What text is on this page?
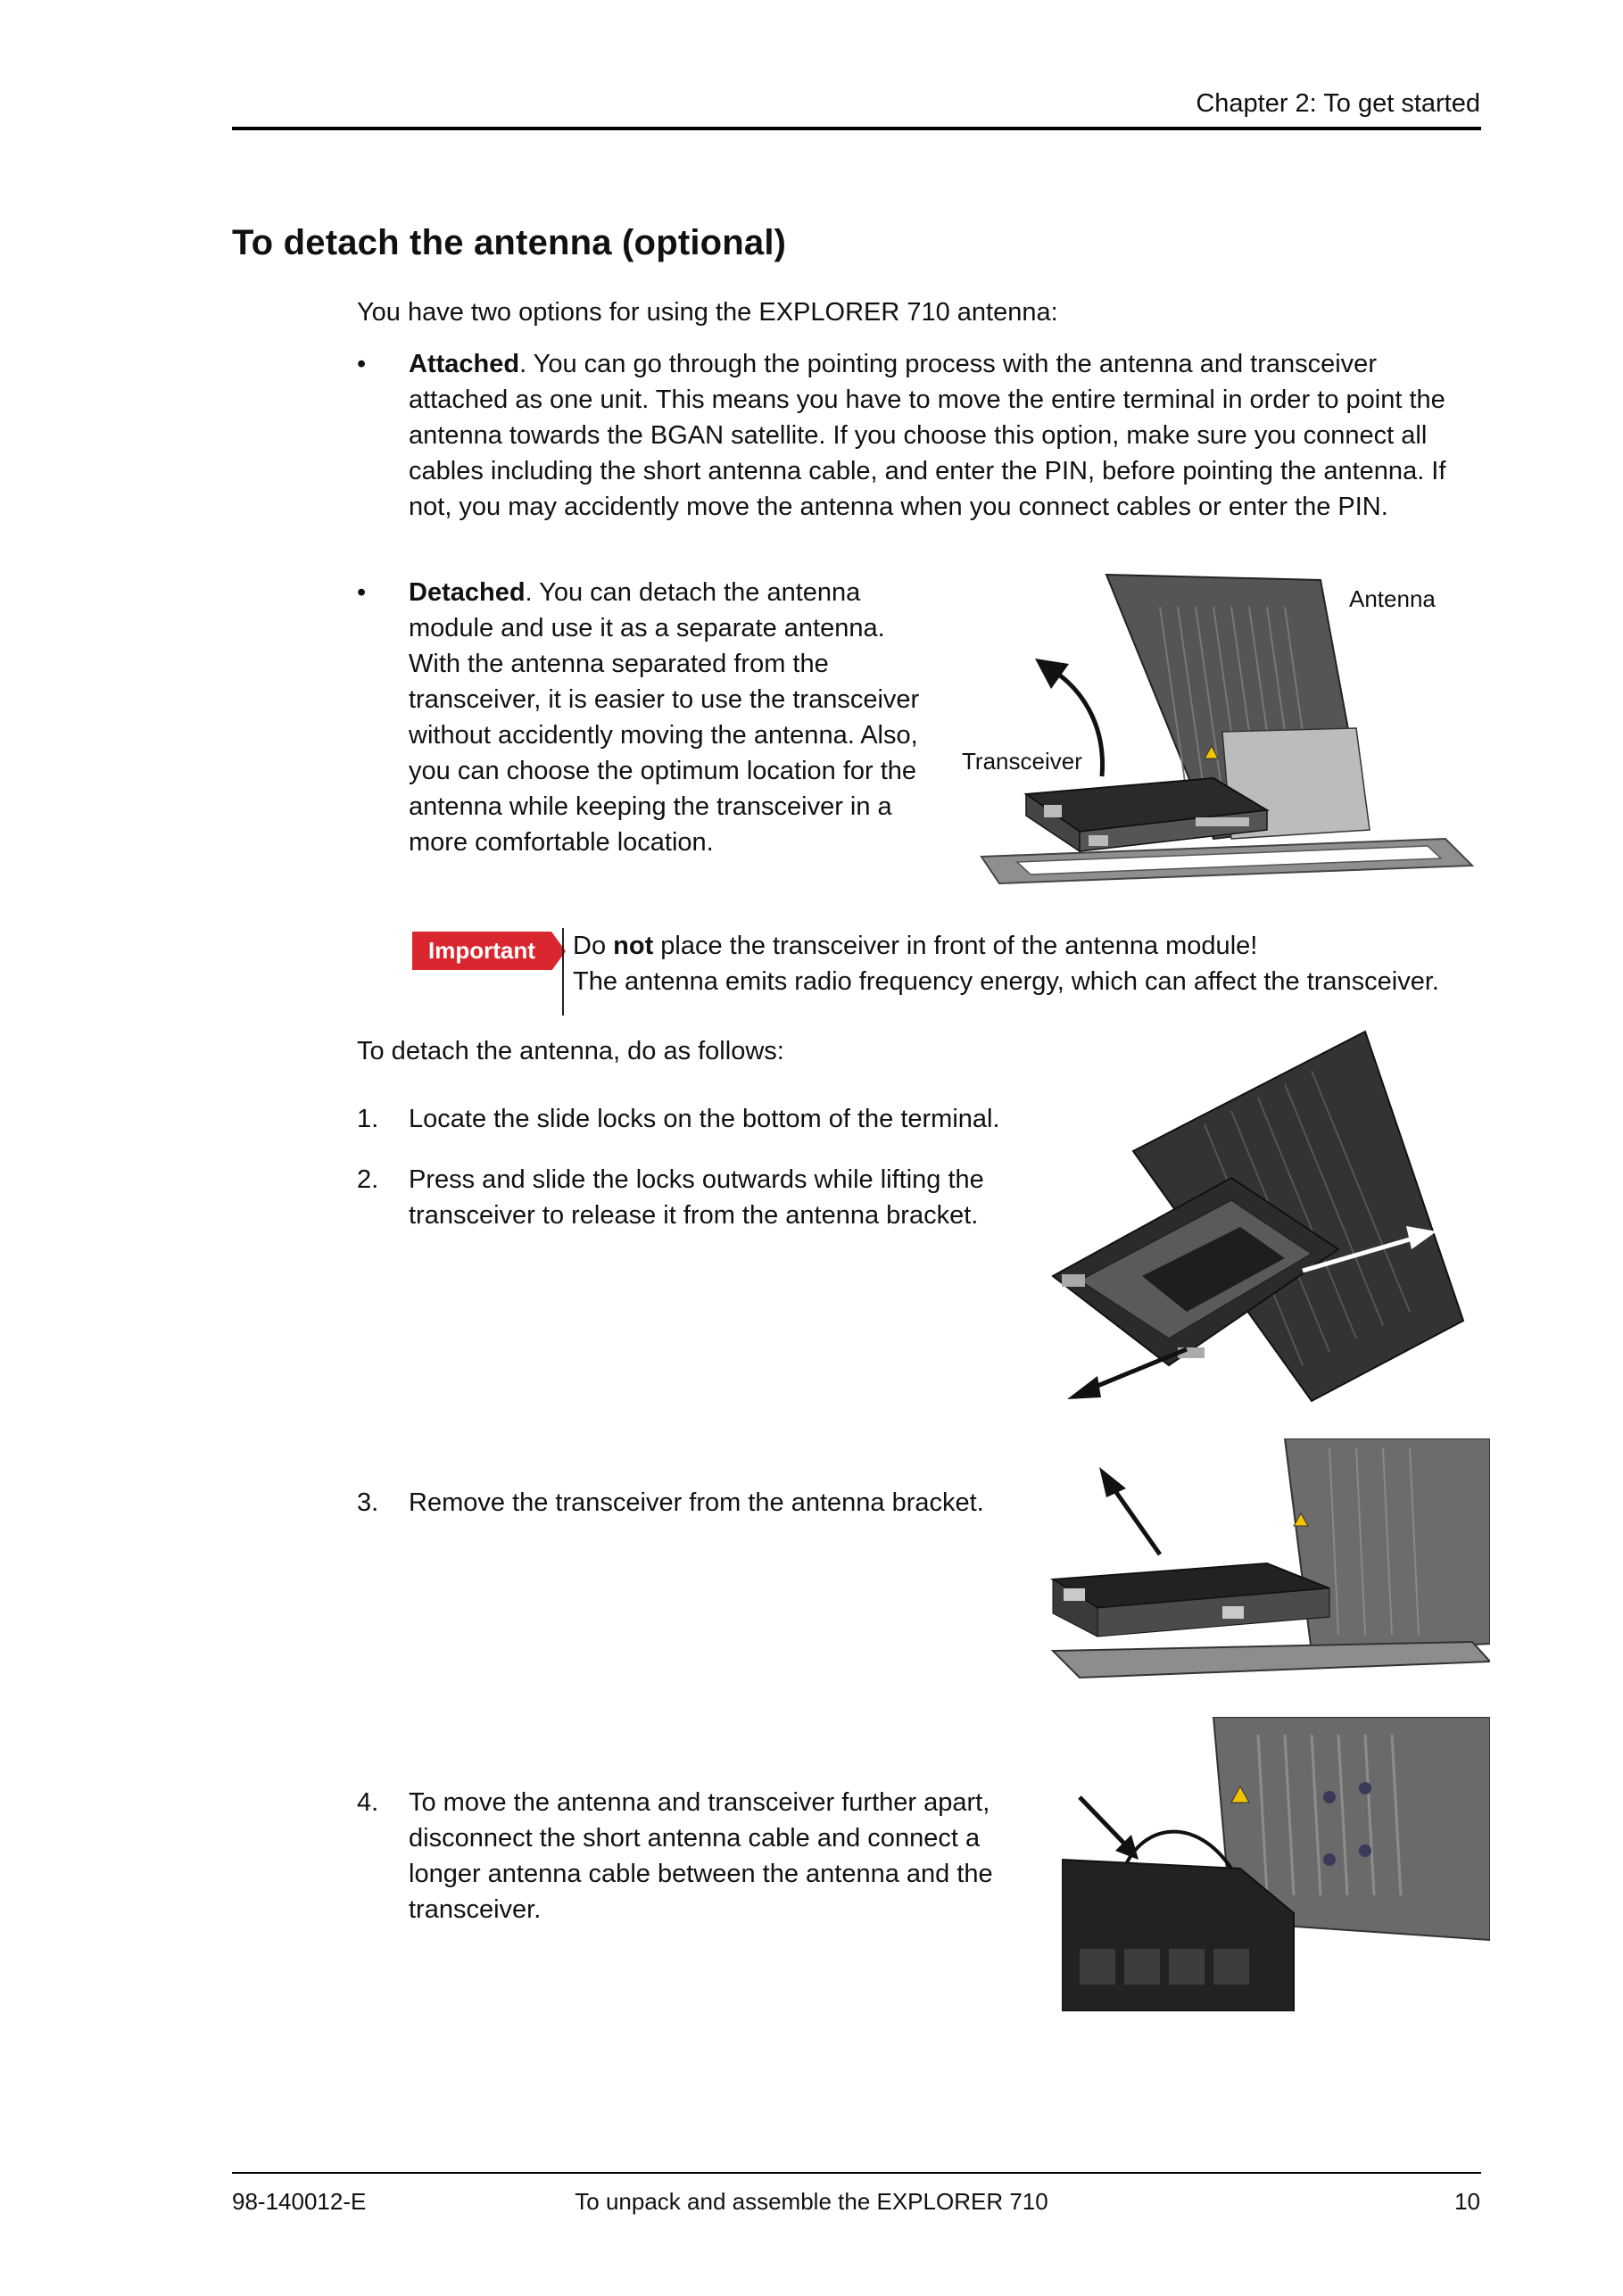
Chapter 2: To get started
To detach the antenna (optional)
You have two options for using the EXPLORER 710 antenna:
• Attached. You can go through the pointing process with the antenna and transceiver attached as one unit. This means you have to move the entire terminal in order to point the antenna towards the BGAN satellite. If you choose this option, make sure you connect all cables including the short antenna cable, and enter the PIN, before pointing the antenna. If not, you may accidently move the antenna when you connect cables or enter the PIN.
• Detached. You can detach the antenna module and use it as a separate antenna. With the antenna separated from the transceiver, it is easier to use the transceiver without accidently moving the antenna. Also, you can choose the optimum location for the antenna while keeping the transceiver in a more comfortable location.
Antenna
Transceiver
Important	Do not place the transceiver in front of the antenna module!
The antenna emits radio frequency energy, which can affect the transceiver.
To detach the antenna, do as follows:
1. Locate the slide locks on the bottom of the terminal.
2. Press and slide the locks outwards while lifting the transceiver to release it from the antenna bracket.
3. Remove the transceiver from the antenna bracket.
4. To move the antenna and transceiver further apart, disconnect the short antenna cable and connect a longer antenna cable between the antenna and the transceiver.
98-140012-E	To unpack and assemble the EXPLORER 710	10
